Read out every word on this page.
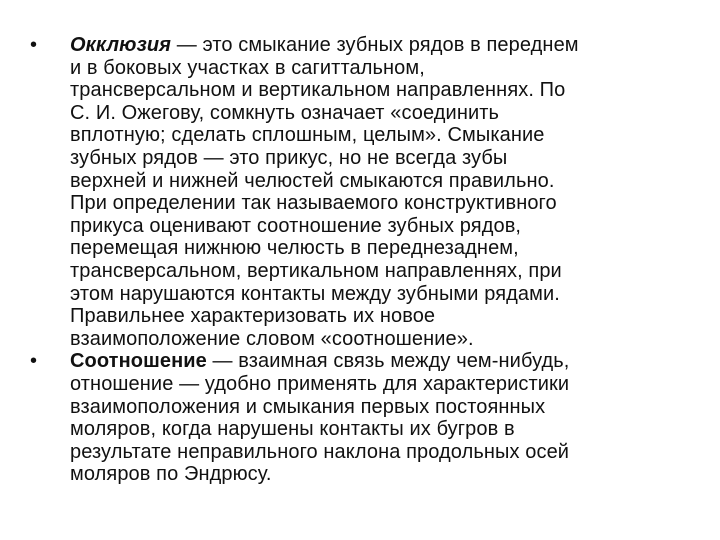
•	Окклюзия — это смыкание зубных рядов в переднем
и в боковых участках в сагиттальном,
трансверсальном и вертикальном направленнях. По
С. И. Ожегову, сомкнуть означает «соединить
вплотную; сделать сплошным, целым». Смыкание
зубных рядов — это прикус, но не всегда зубы
верхней и нижней челюстей смыкаются правильно.
При определении так называемого конструктивного
прикуса оценивают соотношение зубных рядов,
перемещая нижнюю челюсть в переднезаднем,
трансверсальном, вертикальном направленнях, при
этом нарушаются контакты между зубными рядами.
Правильнее характеризовать их новое
взаимоположение словом «соотношение».
•	Соотношение — взаимная связь между чем-нибудь,
отношение — удобно применять для характеристики
взаимоположения и смыкания первых постоянных
моляров, когда нарушены контакты их бугров в
результате неправильного наклона продольных осей
моляров по Эндрюсу.
